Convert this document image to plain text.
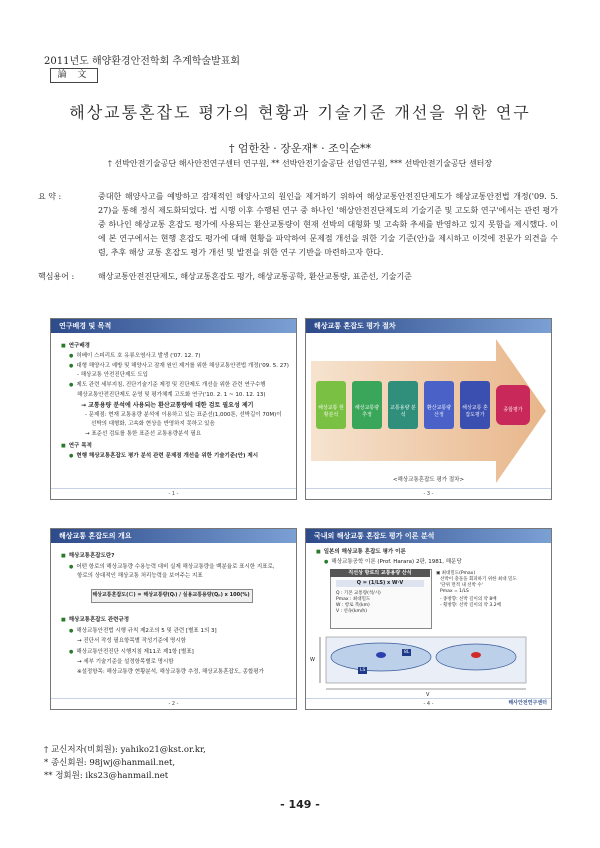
2011년도 해양환경안전학회 추계학술발표회
論 文
해상교통혼잡도 평가의 현황과 기술기준 개선을 위한 연구
† 엄한찬 · 장운재* · 조익순**
† 선박안전기술공단 해사안전연구센터 연구원, ** 선박안전기술공단 선임연구원, *** 선박안전기술공단 센터장
요 약 :	중대한 해양사고를 예방하고 잠재적인 해양사고의 원인을 제거하기 위하여 해상교통안전진단제도가 해상교통안전법 개정('09. 5. 27)을 통해 정식 제도화되었다. 법 시행 이후 수행된 연구 중 하나인 '해상안전진단제도의 기술기준 및 고도화 연구'에서는 관련 평가 중 하나인 해상교통 혼잡도 평가에 사용되는 환산교통량이 현재 선박의 대형화 및 고속화 추세를 반영하고 있지 못함을 제시했다. 이에 본 연구에서는 현행 혼잡도 평가에 대해 현황을 파악하여 문제점 개선을 위한 기술 기준(안)을 제시하고 이것에 전문가 의견을 수렴, 추후 해상 교통 혼잡도 평가 개선 및 발전을 위한 연구 기반을 마련하고자 한다.
핵심용어 :	해상교통안전진단제도, 해상교통혼잡도 평가, 해상교통공학, 환산교통량, 표준선, 기술기준
연구배경 및 목적
■ 연구배경
● 허베이 스피리트 호 유류오염사고 발생 ('07. 12. 7)
● 대형 해양사고 예방 및 해양사고 잠재 원인 제거를 위한 해상교통안전법 개정('09. 5. 27)
- 해상교통 안전진단제도 도입
● 제도 관련 세부지침, 진단기술기준 제정 및 진단제도 개선을 위한 관련 연구수행
해상교통안전진단제도 운영 및 평가체계 고도화 연구('10. 2. 1 ~ 10. 12. 13)
→ 교통용량 분석에 사용되는 환산교통량에 대한 검토 필요성 제기
- 문제점: 현재 교통용량 분석에 이용하고 있는 표준선(1,000톤, 선박길이 70M)이
선박의 대형화, 고속화 현상을 반영하지 못하고 있음
→ 표준선 검토를 통한 표준선 교통용량분석 필요
■ 연구 목적
● 현행 해상교통혼잡도 평가 분석 관련 문제점 개선을 위한 기술기준(안) 제시
- 1 -
해상교통 혼잡도 평가 절차
해상교통 현황분석
해상교통량 추정
교통용량 분석
환산교통량 산정
해상교통 혼잡도평가
종합평가
<해상교통혼잡도 평가 절차>
- 3 -
해상교통 혼잡도의 개요
■ 해상교통혼잡도란?
● 어떤 항로의 해상교통량 수용능력 대비 실제 해상교통량을 백분율로 표시한 지표로,
항로의 상대적인 해상교통 처리능력을 보여주는 지표
해상교통혼잡도(Ｃ) = 해상교통량(Qᵢ) / 실용교통용량(Qₚ) x 100(%)
■ 해상교통혼잡도 관련규정
● 해상교통안전법 시행 규칙 제2조의 5 및 관련 [별표 1의 3]
→ 진단서 작성 필요항목별 작성기준에 명시함
● 해상교통안전진단 시행지침 제11조 제1항 [별표]
→ 세부 기술기준을 설정항목별로 명시함
※설정항목: 해상교통량 현황분석, 해상교통량 추정, 해상교통혼잡도, 종합평가
- 2 -
국내외 해상교통 혼잡도 평가 이론 분석
■ 일본의 해상교통 혼잡도 평가 이론
● 해상교통공학 이론 (Prof. Harara) 2판, 1981, 해문당
직선상 항로의 교통용량 산식
Q = (1/LS) x W·V
Q : 기본 교통량(척/시)
Pmax : 최대밀도
W : 항로 폭(km)
V : 선속(km/h)
▣ 최대밀도(Pmax)
선박이 충돌을 회피하기 위한 최대 밀도
'단위 면적 내 선박 수'
Pmax = 1/LS
- 종방향: 선박 길이의 약 8배
- 횡방향: 선박 길이의 약 3.2배
W
V
8L
LS
해사안전연구센터
- 4 -
† 교신저자(비회원): yahiko21@kst.or.kr,
* 종신회원: 98jwj@hanmail.net,
** 정회원: iks23@hanmail.net
- 149 -
